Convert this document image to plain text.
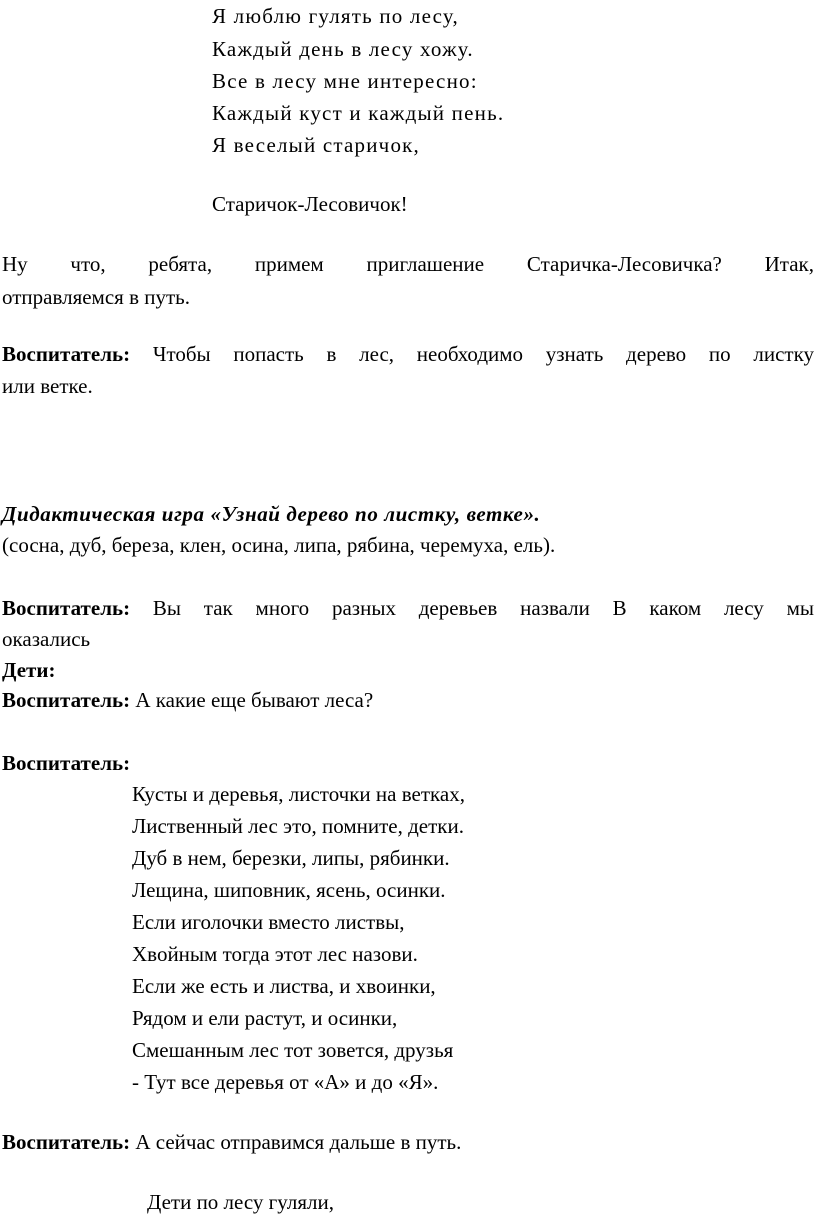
Я люблю гулять по лесу,
Каждый день в лесу хожу.
Все в лесу мне интересно:
Каждый куст и каждый пень.
Я веселый старичок,
Старичок-Лесовичок!
Ну что, ребята, примем приглашение Старичка-Лесовичка? Итак,
отправляемся в путь.
Воспитатель: Чтобы попасть в лес, необходимо узнать дерево по листку
или ветке.
Дидактическая игра «Узнай дерево по листку, ветке».
(сосна, дуб, береза, клен, осина, липа, рябина, черемуха, ель).
Воспитатель: Вы так много разных деревьев назвали В каком лесу мы
оказались
Дети:
Воспитатель: А какие еще бывают леса?
Воспитатель:
Кусты и деревья, листочки на ветках,
Лиственный лес это, помните, детки.
Дуб в нем, березки, липы, рябинки.
Лещина, шиповник, ясень, осинки.
Если иголочки вместо листвы,
Хвойным тогда этот лес назови.
Если же есть и листва, и хвоинки,
Рядом и ели растут, и осинки,
Смешанным лес тот зовется, друзья
- Тут все деревья от «А» и до «Я».
Воспитатель: А сейчас отправимся дальше в путь.
Дети по лесу гуляли,
